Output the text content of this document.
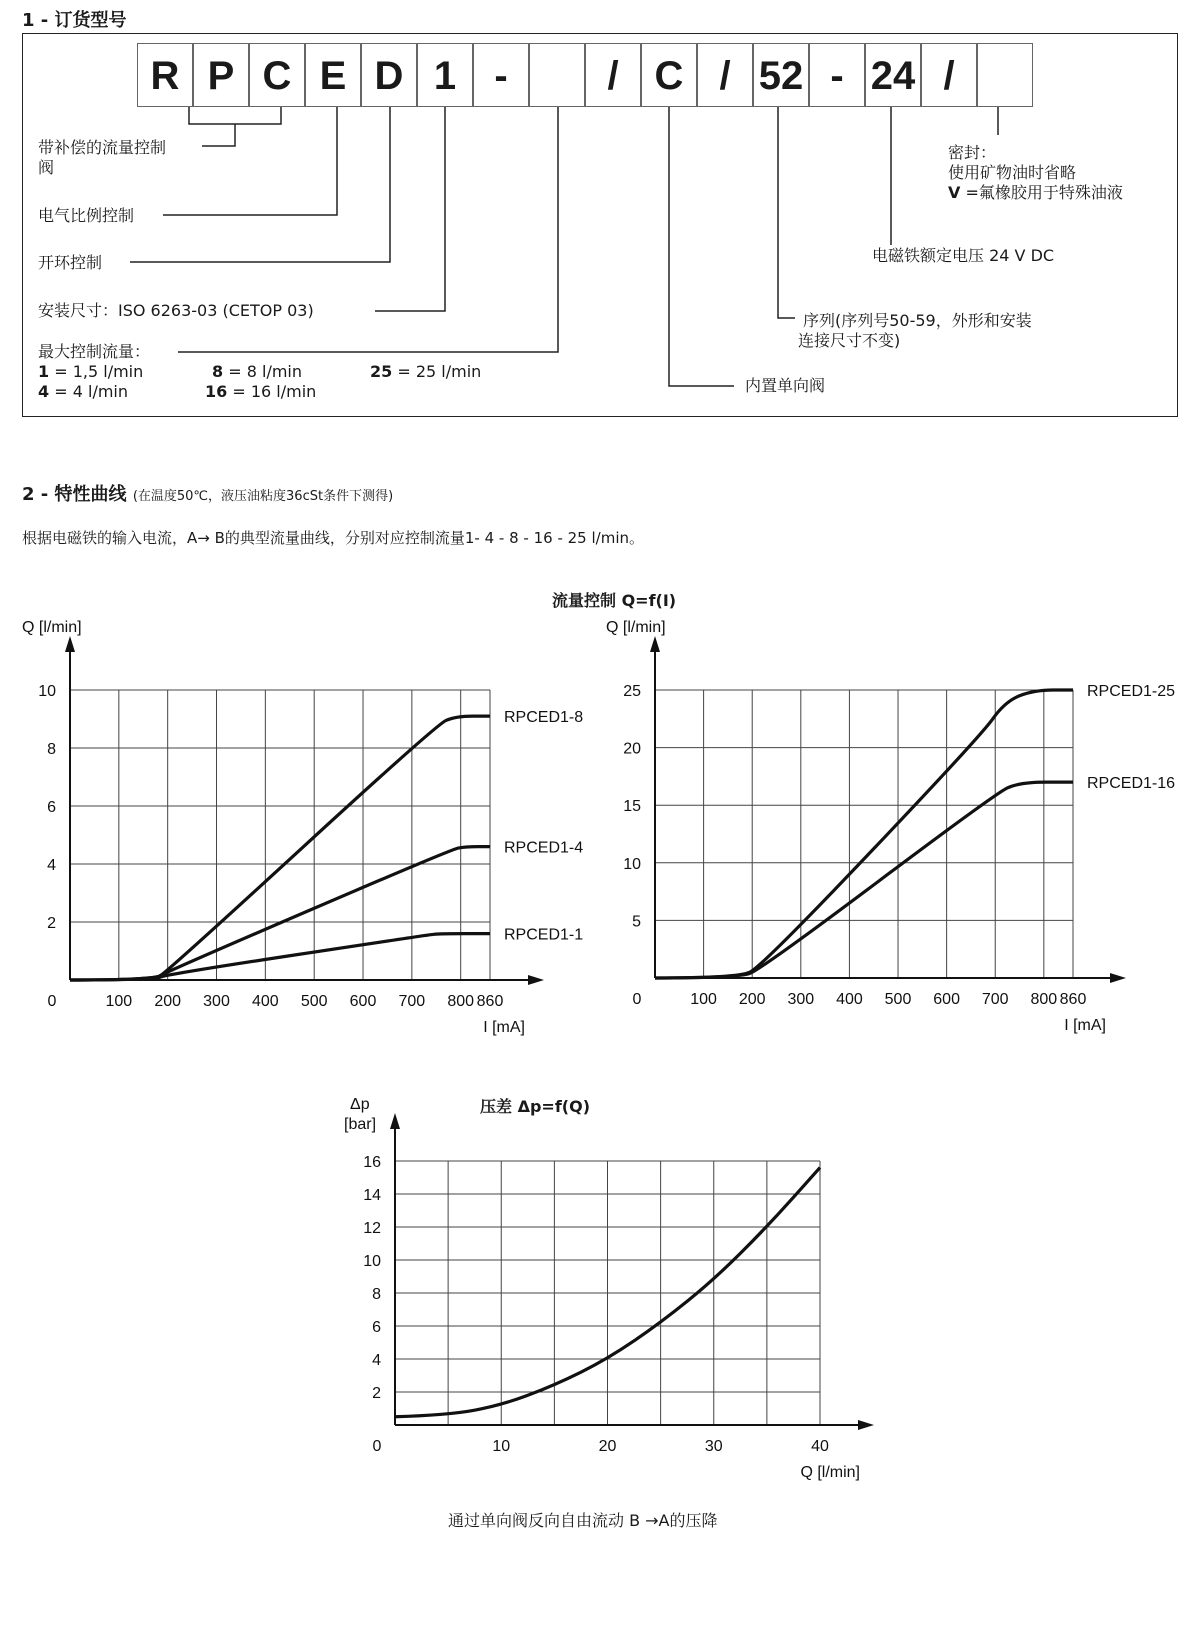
1 - 订货型号
R P C E D 1 -	/ C / 52 - 24 /
带补偿的流量控制
阀
电气比例控制
开环控制
安装尺寸：ISO 6263-03 (CETOP 03)
最大控制流量：
1 = 1,5 l/min
4 = 4 l/min
8 = 8 l/min
16 = 16 l/min
25 = 25 l/min
密封：
使用矿物油时省略
V =氟橡胶用于特殊油液
电磁铁额定电压 24 V DC
序列(序列号50-59，外形和安装
连接尺寸不变)
内置单向阀
2 - 特性曲线 (在温度50℃，液压油粘度36cSt条件下测得)
根据电磁铁的输入电流，A→ B的典型流量曲线，分别对应控制流量1- 4 - 8 - 16 - 25 l/min。
流量控制 Q=f(I)
0	100 200 300 400 500 600 700 800 860
2
4
6
8
10
I [mA]
Q [l/min]
RPCED1-8
RPCED1-4
RPCED1-1
0	100 200 300 400 500 600 700 800 860
5
10
15
20
25
I [mA]
Q [l/min]
RPCED1-25
RPCED1-16
压差 Δp=f(Q)
0	10	20	30	40
2
4
6
8
10
12
14
16
Q [l/min]
Δp
[bar]
通过单向阀反向自由流动 B →A的压降
